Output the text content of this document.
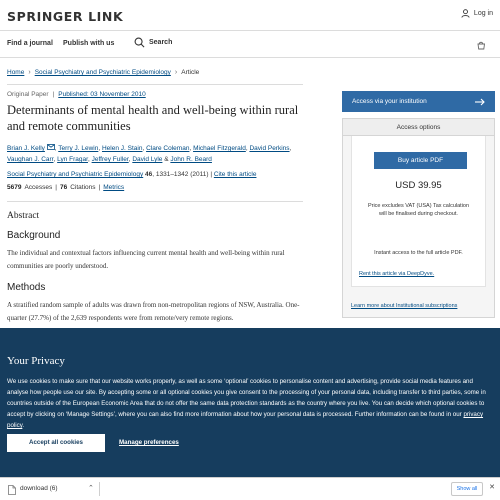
SPRINGER LINK	Log in
Find a journal Publish with us	Search
Home › Social Psychiatry and Psychiatric Epidemiology › Article
Original Paper | Published: 03 November 2010
Determinants of mental health and well-being within rural and remote communities
Brian J. Kelly , Terry J. Lewin, Helen J. Stain, Clare Coleman, Michael Fitzgerald, David Perkins, Vaughan J. Carr, Lyn Fragar, Jeffrey Fuller, David Lyle & John R. Beard
Social Psychiatry and Psychiatric Epidemiology 46, 1331–1342 (2011) | Cite this article
5679 Accesses | 76 Citations | Metrics
Abstract
Background

The individual and contextual factors influencing current mental health and well-being within rural communities are poorly understood.

Methods

A stratified random sample of adults was drawn from non-metropolitan regions of NSW, Australia. One-quarter (27.7%) of the 2,639 respondents were from remote/very remote regions.

Access via your institution
Access options
Buy article PDF
USD 39.95
Price excludes VAT (USA) Tax calculation will be finalised during checkout.
Instant access to the full article PDF.
Rent this article via DeepDyve.
Learn more about Institutional subscriptions
Your Privacy
We use cookies to make sure that our website works properly, as well as some ‘optional’ cookies to personalise content and advertising, provide social media features and analyse how people use our site. By accepting some or all optional cookies you give consent to the processing of your personal data, including transfer to third parties, some in countries outside of the European Economic Area that do not offer the same data protection standards as the country where you live. You can decide which optional cookies to accept by clicking on ‘Manage Settings’, where you can also find more information about how your personal data is processed. Further information can be found in our privacy policy.
Accept all cookies	Manage preferences
download (6)	⌃	Show all	✕
